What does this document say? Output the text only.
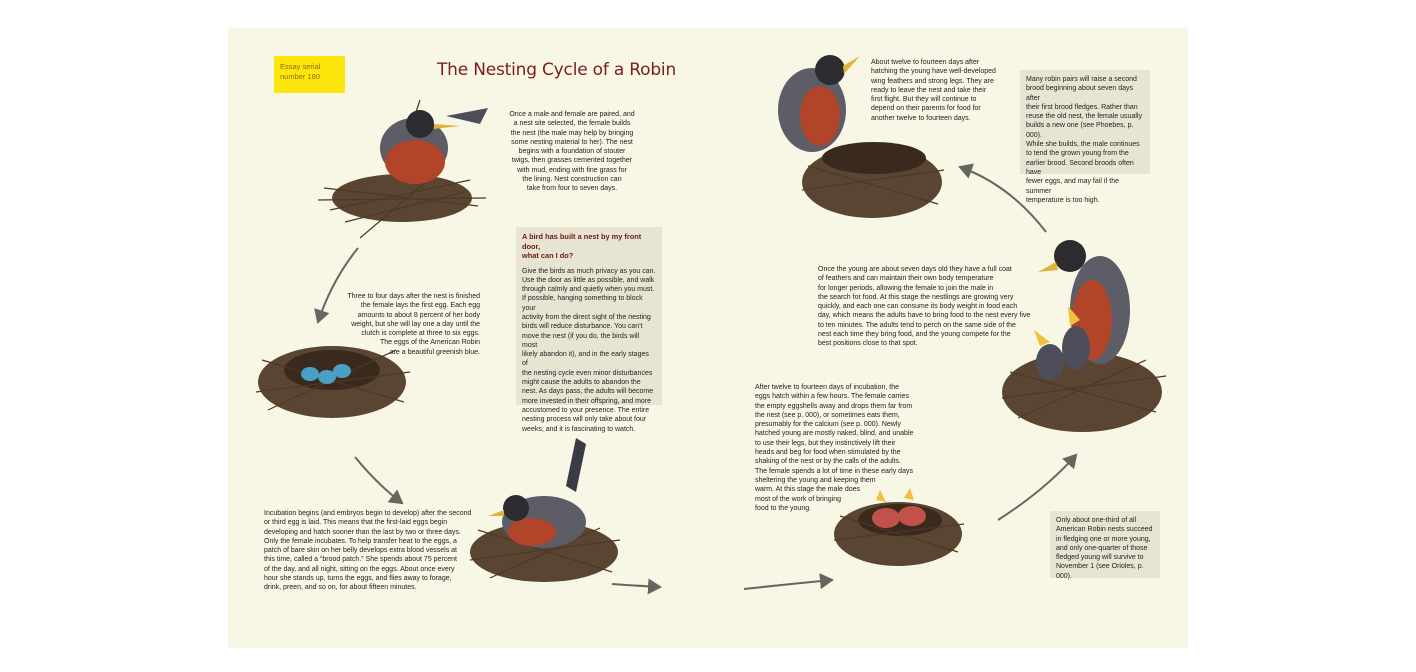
Essay serial
number 180	The Nesting Cycle of a Robin

Once a male and female are paired, and
a nest site selected, the female builds
the nest (the male may help by bringing
some nesting material to her). The nest
begins with a foundation of stouter
twigs, then grasses cemented together
with mud, ending with fine grass for
the lining. Nest construction can
take from four to seven days.

Three to four days after the nest is finished
the female lays the first egg. Each egg
amounts to about 8 percent of her body
weight, but she will lay one a day until the
clutch is complete at three to six eggs.
The eggs of the American Robin
are a beautiful greenish blue.

Incubation begins (and embryos begin to develop) after the second
or third egg is laid. This means that the first-laid eggs begin
developing and hatch sooner than the last by two or three days.
Only the female incubates. To help transfer heat to the eggs, a
patch of bare skin on her belly develops extra blood vessels at
this time, called a “brood patch.” She spends about 75 percent
of the day, and all night, sitting on the eggs. About once every
hour she stands up, turns the eggs, and flies away to forage,
drink, preen, and so on, for about fifteen minutes.

After twelve to fourteen days of incubation, the
eggs hatch within a few hours. The female carries
the empty eggshells away and drops them far from
the nest (see p. 000), or sometimes eats them,
presumably for the calcium (see p. 000). Newly
hatched young are mostly naked, blind, and unable
to use their legs, but they instinctively lift their
heads and beg for food when stimulated by the
shaking of the nest or by the calls of the adults.
The female spends a lot of time in these early days
sheltering the young and keeping them
warm. At this stage the male does
most of the work of bringing
food to the young.

Once the young are about seven days old they have a full coat
of feathers and can maintain their own body temperature
for longer periods, allowing the female to join the male in
the search for food. At this stage the nestlings are growing very
quickly, and each one can consume its body weight in food each
day, which means the adults have to bring food to the nest every five
to ten minutes. The adults tend to perch on the same side of the
nest each time they bring food, and the young compete for the
best positions close to that spot.

About twelve to fourteen days after
hatching the young have well-developed
wing feathers and strong legs. They are
ready to leave the nest and take their
first flight. But they will continue to
depend on their parents for food for
another twelve to fourteen days.

A bird has built a nest by my front door,
what can I do?

Give the birds as much privacy as you can.
Use the door as little as possible, and walk
through calmly and quietly when you must.
If possible, hanging something to block your
activity from the direct sight of the nesting
birds will reduce disturbance. You can’t
move the nest (if you do, the birds will most
likely abandon it), and in the early stages of
the nesting cycle even minor disturbances
might cause the adults to abandon the
nest. As days pass, the adults will become
more invested in their offspring, and more
accustomed to your presence. The entire
nesting process will only take about four
weeks, and it is fascinating to watch.

Many robin pairs will raise a second
brood beginning about seven days after
their first brood fledges. Rather than
reuse the old nest, the female usually
builds a new one (see Phoebes, p. 000).
While she builds, the male continues
to tend the grown young from the
earlier brood. Second broods often have
fewer eggs, and may fail if the summer
temperature is too high.

Only about one-third of all
American Robin nests succeed
in fledging one or more young,
and only one-quarter of those
fledged young will survive to
November 1 (see Orioles, p. 000).
